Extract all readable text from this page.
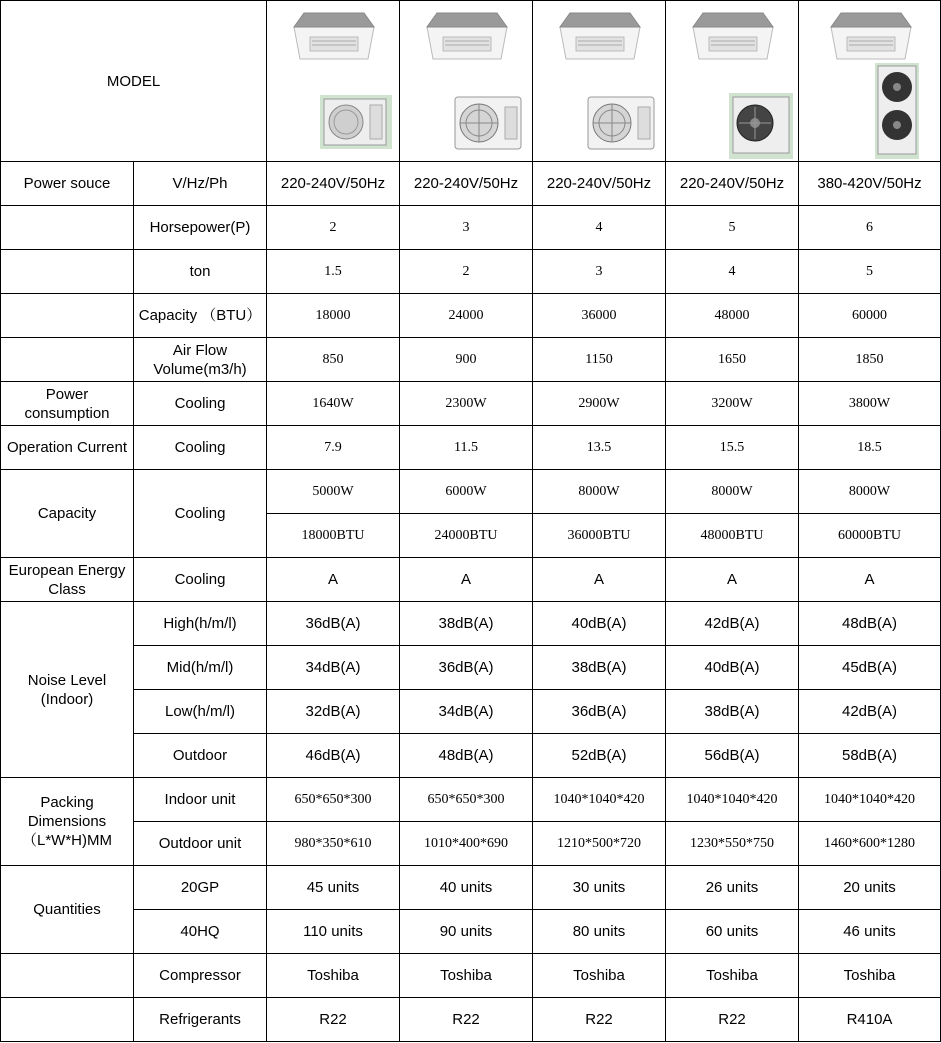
MODEL	

Power souce	V/Hz/Ph	220-240V/50Hz	220-240V/50Hz	220-240V/50Hz	220-240V/50Hz	380-420V/50Hz
	Horsepower(P)	2	3	4	5	6
	ton	1.5	2	3	4	5
	Capacity （BTU）	18000	24000	36000	48000	60000
	Air Flow Volume(m3/h)	850	900	1150	1650	1850
Power consumption	Cooling	1640W	2300W	2900W	3200W	3800W
Operation Current	Cooling	7.9	11.5	13.5	15.5	18.5
Capacity	Cooling	5000W	6000W	8000W	8000W	8000W
		18000BTU	24000BTU	36000BTU	48000BTU	60000BTU
European Energy Class	Cooling	A	A	A	A	A
Noise Level (Indoor)	High(h/m/l)	36dB(A)	38dB(A)	40dB(A)	42dB(A)	48dB(A)
	Mid(h/m/l)	34dB(A)	36dB(A)	38dB(A)	40dB(A)	45dB(A)
	Low(h/m/l)	32dB(A)	34dB(A)	36dB(A)	38dB(A)	42dB(A)
	Outdoor	46dB(A)	48dB(A)	52dB(A)	56dB(A)	58dB(A)
Packing Dimensions （L*W*H)MM	Indoor unit	650*650*300	650*650*300	1040*1040*420	1040*1040*420	1040*1040*420
	Outdoor unit	980*350*610	1010*400*690	1210*500*720	1230*550*750	1460*600*1280
Quantities	20GP	45 units	40 units	30 units	26 units	20 units
	40HQ	110 units	90 units	80 units	60 units	46 units
	Compressor	Toshiba	Toshiba	Toshiba	Toshiba	Toshiba
	Refrigerants	R22	R22	R22	R22	R410A
